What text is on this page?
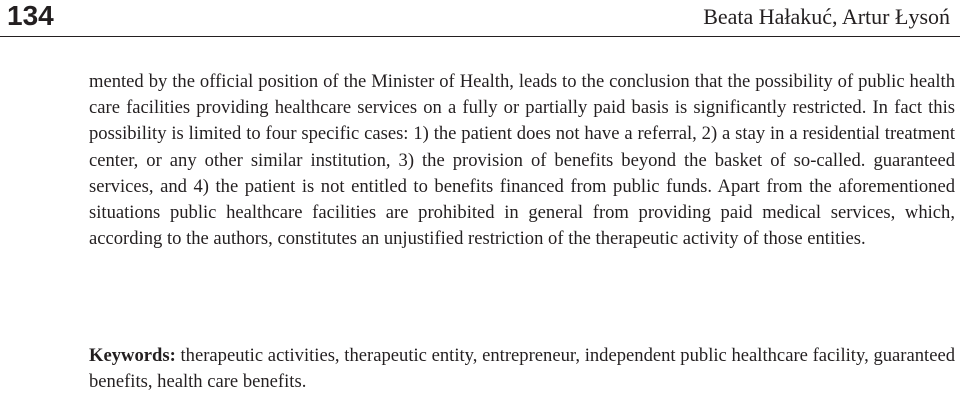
134	Beata Hałakuć, Artur Łysoń

mented by the official position of the Minister of Health, leads to the conclusion that the possibility of public health care facilities providing healthcare services on a fully or partially paid basis is significantly restricted. In fact this possibility is limited to four specific cases: 1) the patient does not have a referral, 2) a stay in a residential treatment center, or any other similar institution, 3) the provision of benefits beyond the basket of so-called. guaranteed services, and 4) the patient is not entitled to benefits financed from public funds. Apart from the aforementioned situations public healthcare facilities are prohibited in general from providing paid medical services, which, according to the authors, constitutes an unjustified restriction of the therapeutic activity of those entities.

Keywords: therapeutic activities, therapeutic entity, entrepreneur, independent public healthcare facility, guaranteed benefits, health care benefits.
